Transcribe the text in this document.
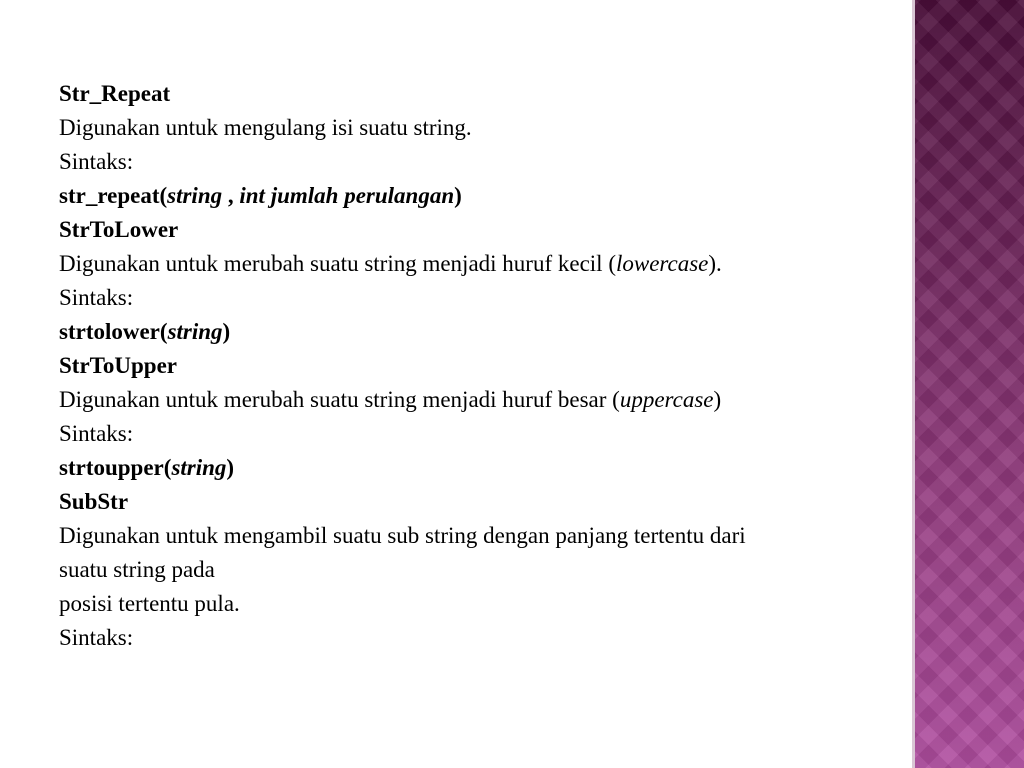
Str_Repeat

Digunakan untuk mengulang isi suatu string.

Sintaks:

str_repeat(string , int jumlah perulangan)

StrToLower

Digunakan untuk merubah suatu string menjadi huruf kecil (lowercase).

Sintaks:

strtolower(string)

StrToUpper

Digunakan untuk merubah suatu string menjadi huruf besar (uppercase)

Sintaks:

strtoupper(string)

SubStr

Digunakan untuk mengambil suatu sub string dengan panjang tertentu dari

suatu string pada

posisi tertentu pula.

Sintaks:
